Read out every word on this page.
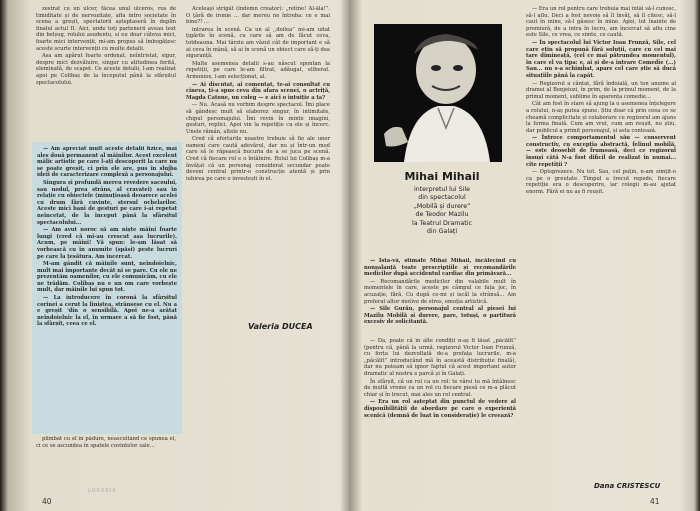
zestrat cu un ulcer, făcea unul ulceros, ros de timiditate și de nervozitate, afla intro societate în scena a greșit, spectatorii așteptaseră în deplin finalul actul II. Aici, unde toți partenerii aveau text din belșug, rolului asudentu, si eu doar câteva mici, foarte mici intervenții, mi-am propus să îmbogățesc aceste scurte intervenții cu multe detalii.

Asa am apărut foarte ordonat, neîntristat, sigur, despre mici dezvăluire, singur cu atitudinea ferită, eleminată, de scapet. Ce aceste detalii, l-am realizat apoi pe Colibaș de la începutul până la sfârșitul spectacolului.

— Am apreciat mult aceste detalii fizice, mai ales două permanent al mâinilor. Acest excelent mâlic artistic pe care l-ați descoperit la care nu se poate greșit, ci prin ele are, pus în slujba ideii de caracterizare complexă a personajului.

Singura și profundă mereu revedere sacoului, sau nodul, prea strâns, al cravatei) sau în relație cu obiectele (minuțioasă deoarece acelei cu drum fără cuvinte, stersul ochelarilor. Aceste mici bani de gesturi pe care i-ai repetat neîncetat, de la început până la sfârșitul spectacolului...

— Am avut noroc să am niște mâini foarte lungi (cred că mi-au crescut așa lucrurile). Acum, pe mâini! Vă spun: le-am lăsat să vorbească cu în anumite (spăsi) peste lucruri pe care la țesătura. Am încercat.

M-am gândit că mâinile sunt, neîndoielnic, mult mai importante decât ni se pare. Cu ele ne prezentăm oamenilor, cu ele comunicăm, cu ele ne trădăm. Colibaș nu e un om care vorbește mult, dar mâinile lui spun tot.

— La introducere în coronă la sfârșitul corinei a cerut la liniștea, strânsese cu el. Nu a e greșit 'din o sensibilă. Apoi ne-a arătat neîndoielnic la el, în urmare a să fie fost, până la sfârșit, ceea ce el.

plimbat cu el în pădure, neascultând ce spunea el, ci ce se ascundea în spatele cuvintelor sale...

Aceleași strigăt (îndemn creator): „retine! Al-ăla!”. O țâră de ironie ... dar mereu ne întreba: ce e mai bine?! ...

intrarea în scenă. Ca un al ,,doilea” mi-am uitat țigările în scenă, cu care să am de făcut ceva, totdeauna. Mai târziu am văzut cât de important e să ai ceva în mână, să ai în scenă un obiect care să-ți dea siguranță.

Multe asemenea detalii s-au născut spontan la repetiții, pe care le-am filtrat, adăugat, eliberat. Armoniox, l-am selecționat, al.

— Ai discutat, ai comentat, te-ai consultat cu cineva, ți-a spus ceva din afara scenei, o actriță, Magda Catone, un coleg — e aici o intuiție a ta?

— Nu. Acasă nu vorbim despre spectacol. Îmi place să gândesc mult să elaborez singur, în intimitate, chipul personajului. Îmi revin în minte imagini, gesturi, replici. Apoi vin la repetiție cu ele și încerc. Unele rămân, altele nu.

Cred că eforturile noastre trebuie să fie ale unor oameni care caută adevărul, dar nu și într-un mod care să le răpească bucuria de a se juca pe scenă. Cred că fiecare rol e o întâlnire. Rolul lui Colibaș m-a învățat că un personaj considerat secundar poate deveni central printr-o construcție atentă și prin iubirea pe care o investești în el.

Valeria DUCEA
LUXURIA
40
Mihai Mihail
interpretul lui Sile
din spectacolul
„Mobilă și durere”
de Teodor Mazilu
la Teatrul Dramatic
din Galați

— Ista-vă, stimate Mihai Mihail, încălecind cu nonșalanță toate prescripțiile și recomandările medicilor după accidentul cardiac din primăvară...

— Recomandările medicilor din valabile mult în momentele în care, aceste pe câmpul ce fața joc, în acuzație, fără. Cu după ce-mi și iscăl la strânsă... Am preferat altor motive de stres, emoția artistică.

— Sile Gurău, personajul central al piesei lui Mazilu Mobilă și durere, pare, totuși, o partitură excesiv de solicitantă.

— Da, poate că în alte condiții n-aș fi lăsat „păcălit” (pentru că, până la urmă, regizorul Victor Ioan Frunză, cu forța lui dezvoltată de-a prefața lucrurile, m-a „păcălit” introducând mă în această distribuție finală), dar nu puteam să ignor faptul că acest important autor dramatic al nostru e parcă și în Galați.

În sfârșit, că un rol ca un rol: te vărsi tu mă întâlnesc de multă vreme ca un rol cu fiecare piesă ce m-a plăcut chiar și în trecut, mai ales un rol central.

— Era un rol așteptat din punctul de vedere al disponibilității de abordare pe care o experiență scenică (demnă de luat în considerație) le creează?

— Era un rol pentru care trebuia mai întâi să-l cunosc, să-l aflu. Deci a fost nevoie să îl învăț, să îl citesc, să-l caut în mine, să-l găsesc în mine. Apoi, tot înainte de premieră, de a intra în lucru, am încercat să aflu cine este Sile, ce vrea, ce simte, ce caută.

— În spectacolul lui Victor Ioan Frunză, Sile, cel care ețin să propună fără soluții, care cu cel mai tare dimineață, (cel ce mai pătrundea momentul), în care el va țipa: e, ai și de-a intrare Comedie (...) Sau... nu s-a schimbat, apare cel care știe să ducă situațiile până la capăt.

— Regizorul a cântat, fără îndoială, un ton anume al dramei al Benjeiozi, în prim, de la primul moment, de la primul moment, sublime în aparența comedie...

Cât am fost în stare să ajung la o asemenea înțelegere a rolului, n-aș putea spune. Știu doar că prin ceea ce se cheamă complicitate și colaborare cu regizorul am ajuns la forma finală. Cum am vrut, cum am reușit, nu știu, dar publicul a primit personajul, și asta contează.

— Întrece comportamentul său — conservent constructiv, cu excepția abstractă, felinul mobilă, — este deosebit de frumoasă, deci ce regizorul însuși câtă N-a fost dificil de realizat în numai... cîte repetiții ?

— Optsprezece. Nu tot. Sau, cel puțin, n-am simțit-o ca pe o greutate. Timpul a trecut repede, fiecare repetiție era o descoperire, iar colegii m-au ajutat enorm. Fără ei nu aș fi reușit.

Dana CRISTESCU
41
